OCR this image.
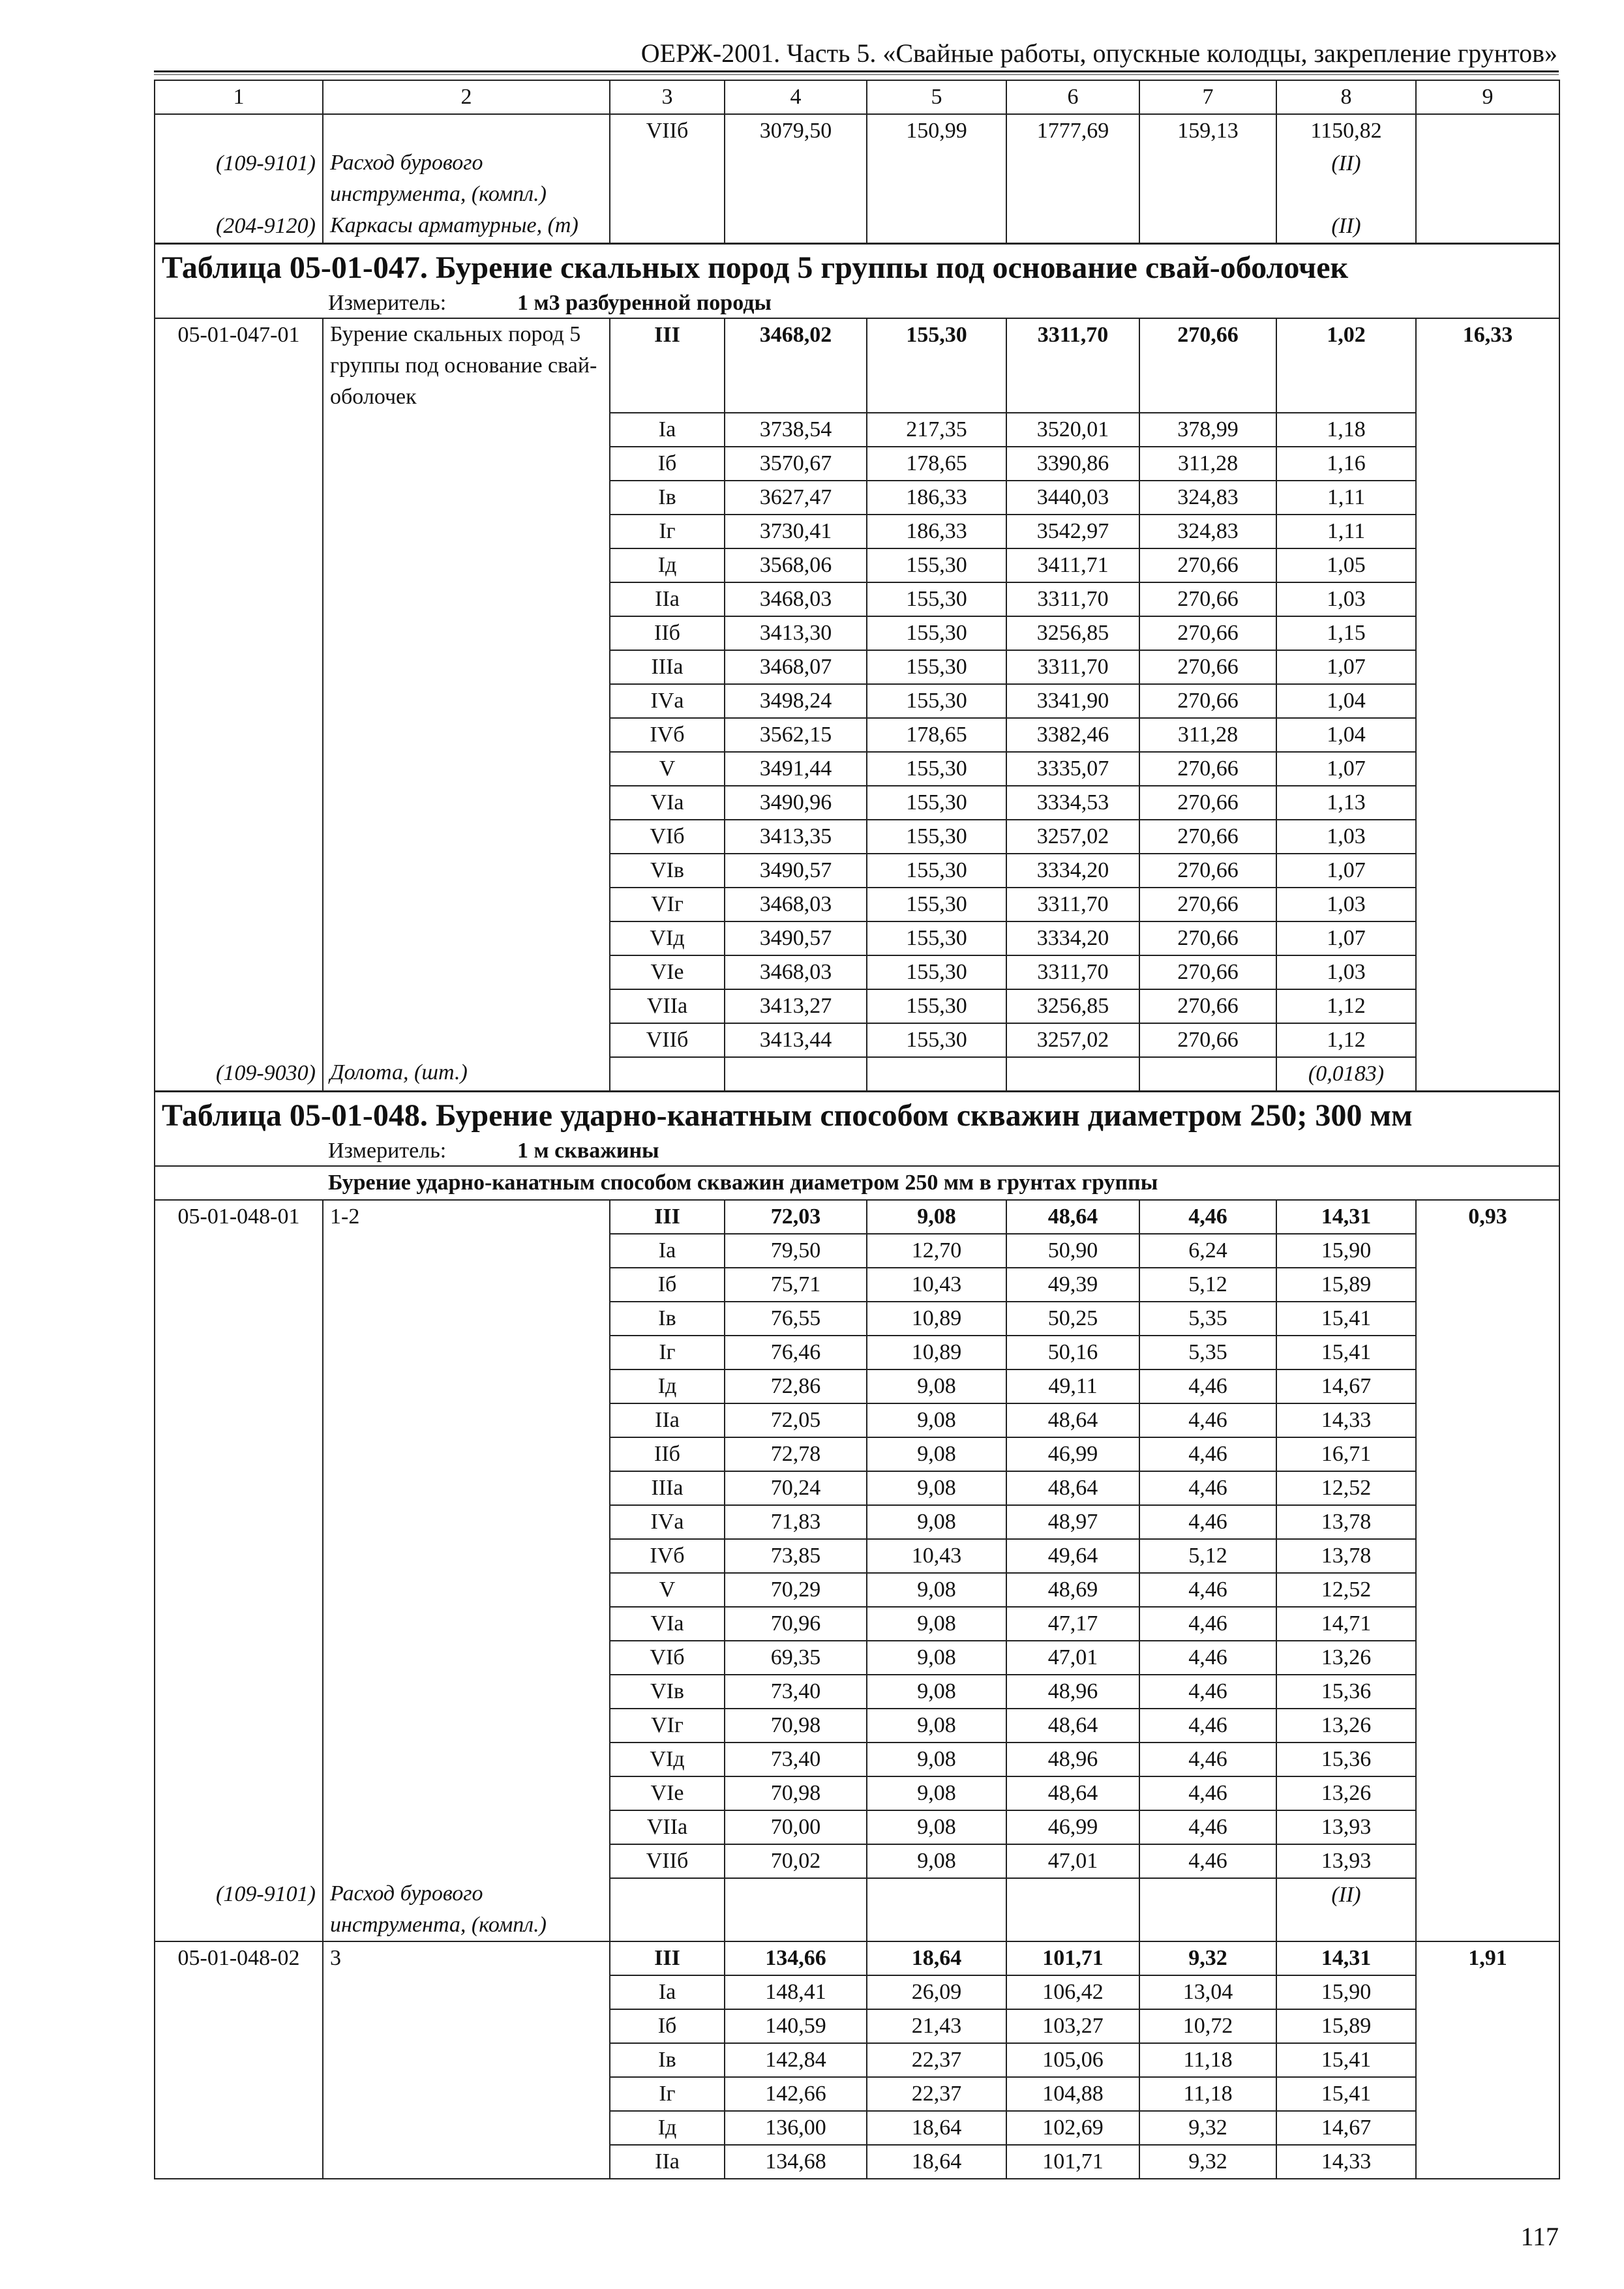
ОЕРЖ-2001. Часть 5. «Свайные работы, опускные колодцы, закрепление грунтов»
1	2	3	4	5	6	7	8	9
		VIIб	3079,50	150,99	1777,69	159,13	1150,82	
(109-9101)	Расход бурового инструмента, (компл.)						(II)	
(204-9120)	Каркасы арматурные, (т)						(II)	
Таблица 05-01-047. Бурение скальных пород 5 группы под основание свай-оболочек								
Измеритель: 1 м3 разбуренной породы								
05-01-047-01	Бурение скальных пород 5 группы под основание свай-оболочек	III	3468,02	155,30	3311,70	270,66	1,02	16,33
		Iа	3738,54	217,35	3520,01	378,99	1,18	
		Iб	3570,67	178,65	3390,86	311,28	1,16	
		Iв	3627,47	186,33	3440,03	324,83	1,11	
		Iг	3730,41	186,33	3542,97	324,83	1,11	
		Iд	3568,06	155,30	3411,71	270,66	1,05	
		IIа	3468,03	155,30	3311,70	270,66	1,03	
		IIб	3413,30	155,30	3256,85	270,66	1,15	
		IIIа	3468,07	155,30	3311,70	270,66	1,07	
		IVа	3498,24	155,30	3341,90	270,66	1,04	
		IVб	3562,15	178,65	3382,46	311,28	1,04	
		V	3491,44	155,30	3335,07	270,66	1,07	
		VIа	3490,96	155,30	3334,53	270,66	1,13	
		VIб	3413,35	155,30	3257,02	270,66	1,03	
		VIв	3490,57	155,30	3334,20	270,66	1,07	
		VIг	3468,03	155,30	3311,70	270,66	1,03	
		VIд	3490,57	155,30	3334,20	270,66	1,07	
		VIе	3468,03	155,30	3311,70	270,66	1,03	
		VIIа	3413,27	155,30	3256,85	270,66	1,12	
		VIIб	3413,44	155,30	3257,02	270,66	1,12	
(109-9030)	Долота, (шт.)						(0,0183)	
Таблица 05-01-048. Бурение ударно-канатным способом скважин диаметром 250; 300 мм								
Измеритель: 1 м скважины								
Бурение ударно-канатным способом скважин диаметром 250 мм в грунтах группы								
05-01-048-01	1-2	III	72,03	9,08	48,64	4,46	14,31	0,93
		Iа	79,50	12,70	50,90	6,24	15,90	
		Iб	75,71	10,43	49,39	5,12	15,89	
		Iв	76,55	10,89	50,25	5,35	15,41	
		Iг	76,46	10,89	50,16	5,35	15,41	
		Iд	72,86	9,08	49,11	4,46	14,67	
		IIа	72,05	9,08	48,64	4,46	14,33	
		IIб	72,78	9,08	46,99	4,46	16,71	
		IIIа	70,24	9,08	48,64	4,46	12,52	
		IVа	71,83	9,08	48,97	4,46	13,78	
		IVб	73,85	10,43	49,64	5,12	13,78	
		V	70,29	9,08	48,69	4,46	12,52	
		VIа	70,96	9,08	47,17	4,46	14,71	
		VIб	69,35	9,08	47,01	4,46	13,26	
		VIв	73,40	9,08	48,96	4,46	15,36	
		VIг	70,98	9,08	48,64	4,46	13,26	
		VIд	73,40	9,08	48,96	4,46	15,36	
		VIе	70,98	9,08	48,64	4,46	13,26	
		VIIа	70,00	9,08	46,99	4,46	13,93	
		VIIб	70,02	9,08	47,01	4,46	13,93	
(109-9101)	Расход бурового инструмента, (компл.)						(II)	
05-01-048-02	3	III	134,66	18,64	101,71	9,32	14,31	1,91
		Iа	148,41	26,09	106,42	13,04	15,90	
		Iб	140,59	21,43	103,27	10,72	15,89	
		Iв	142,84	22,37	105,06	11,18	15,41	
		Iг	142,66	22,37	104,88	11,18	15,41	
		Iд	136,00	18,64	102,69	9,32	14,67	
		IIа	134,68	18,64	101,71	9,32	14,33	
117
